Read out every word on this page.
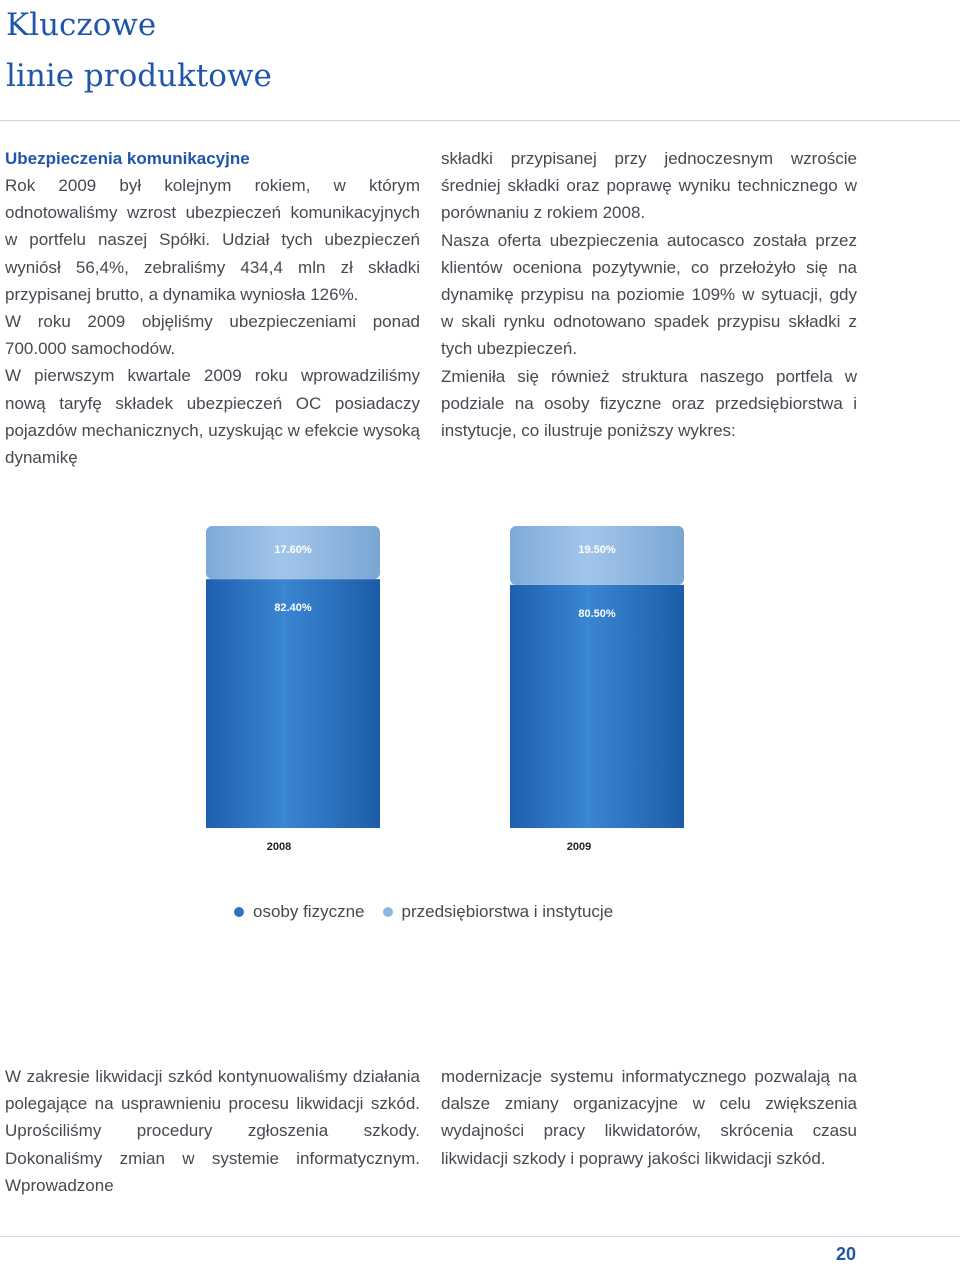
Kluczowe
linie produktowe

Ubezpieczenia komunikacyjne

Rok 2009 był kolejnym rokiem, w którym odnotowaliśmy wzrost ubezpieczeń komunikacyjnych w portfelu naszej Spółki. Udział tych ubezpieczeń wyniósł 56,4%, zebraliśmy 434,4 mln zł składki przypisanej brutto, a dynamika wyniosła 126%.

W roku 2009 objęliśmy ubezpieczeniami ponad 700.000 samochodów.

W pierwszym kwartale 2009 roku wprowadziliśmy nową taryfę składek ubezpieczeń OC posiadaczy pojazdów mechanicznych, uzyskując w efekcie wysoką dynamikę

składki przypisanej przy jednoczesnym wzroście średniej składki oraz poprawę wyniku technicznego w porównaniu z rokiem 2008.

Nasza oferta ubezpieczenia autocasco została przez klientów oceniona pozytywnie, co przełożyło się na dynamikę przypisu na poziomie 109% w sytuacji, gdy w skali rynku odnotowano spadek przypisu składki z tych ubezpieczeń.

Zmieniła się również struktura naszego portfela w podziale na osoby fizyczne oraz przedsiębiorstwa i instytucje, co ilustruje poniższy wykres:

82.40%
17.60%
2008
80.50%
19.50%
2009
osoby fizyczne przedsiębiorstwa i instytucje

W zakresie likwidacji szkód kontynuowaliśmy działania polegające na usprawnieniu procesu likwidacji szkód. Uprościliśmy procedury zgłoszenia szkody. Dokonaliśmy zmian w systemie informatycznym. Wprowadzone

modernizacje systemu informatycznego pozwalają na dalsze zmiany organizacyjne w celu zwiększenia wydajności pracy likwidatorów, skrócenia czasu likwidacji szkody i poprawy jakości likwidacji szkód.

20
